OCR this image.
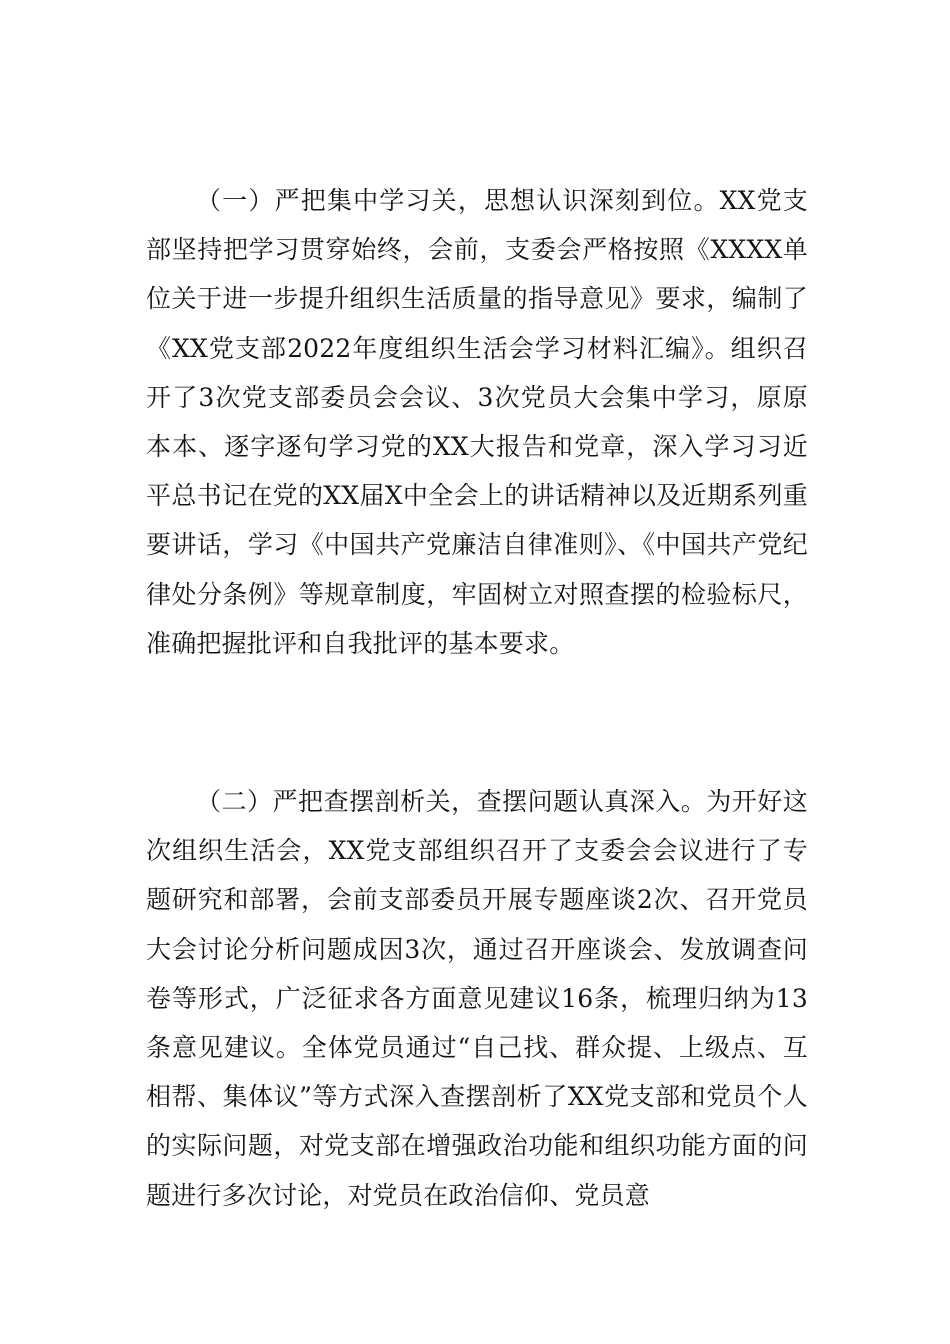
（一）严把集中学习关，思想认识深刻到位。XX党支部坚持把学习贯穿始终，会前，支委会严格按照《XXXX单位关于进一步提升组织生活质量的指导意见》要求，编制了《XX党支部2022年度组织生活会学习材料汇编》。组织召开了3次党支部委员会会议、3次党员大会集中学习，原原本本、逐字逐句学习党的XX大报告和党章，深入学习习近平总书记在党的XX届X中全会上的讲话精神以及近期系列重要讲话，学习《中国共产党廉洁自律准则》、《中国共产党纪律处分条例》等规章制度，牢固树立对照查摆的检验标尺，准确把握批评和自我批评的基本要求。

（二）严把查摆剖析关，查摆问题认真深入。为开好这次组织生活会，XX党支部组织召开了支委会会议进行了专题研究和部署，会前支部委员开展专题座谈2次、召开党员大会讨论分析问题成因3次，通过召开座谈会、发放调查问卷等形式，广泛征求各方面意见建议16条，梳理归纳为13条意见建议。全体党员通过“自己找、群众提、上级点、互相帮、集体议”等方式深入查摆剖析了XX党支部和党员个人的实际问题，对党支部在增强政治功能和组织功能方面的问题进行多次讨论，对党员在政治信仰、党员意
